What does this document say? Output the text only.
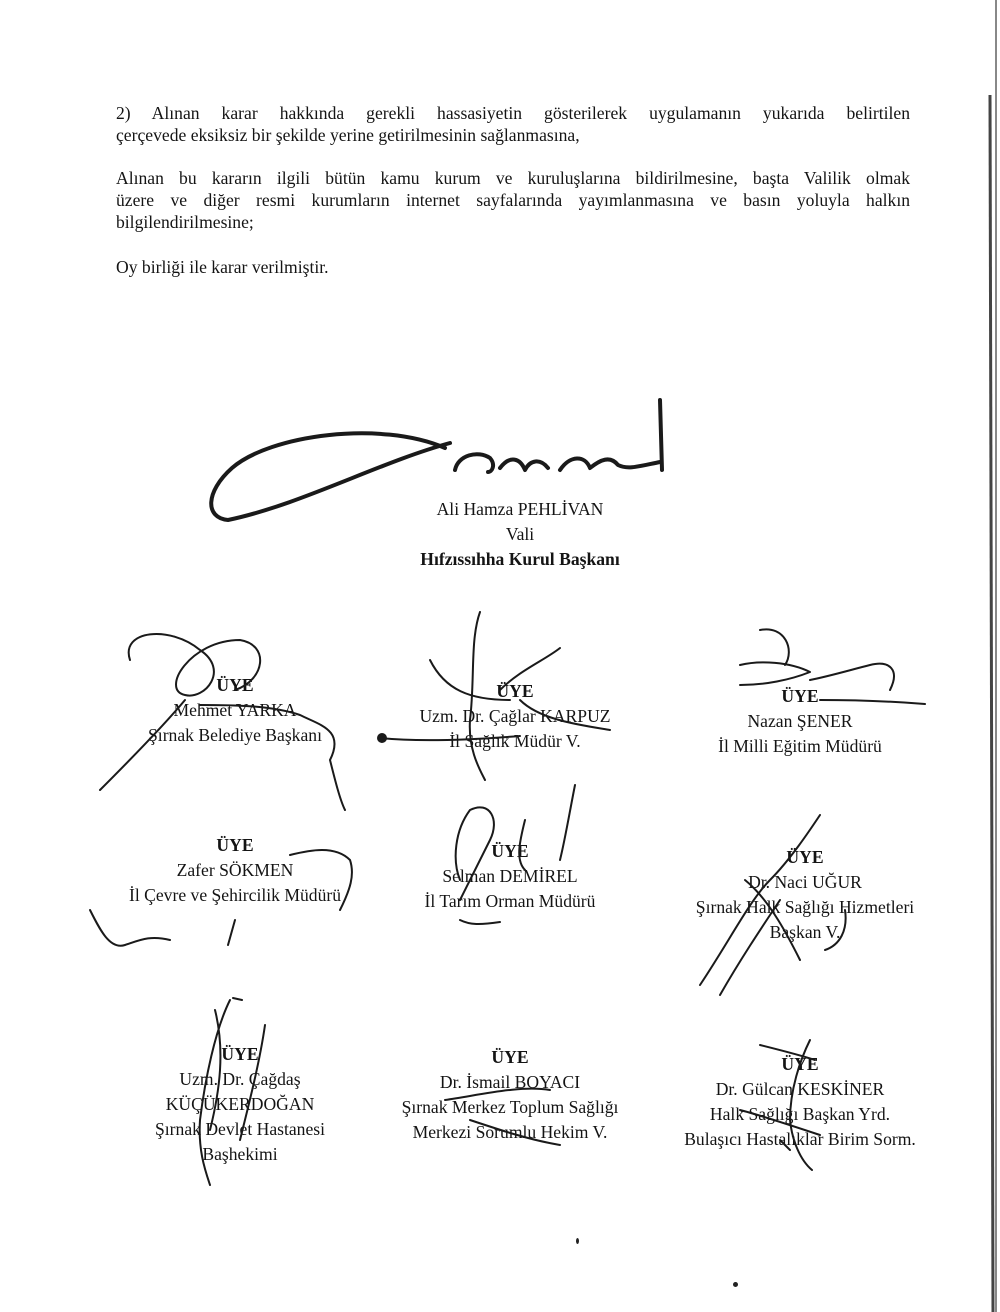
2) Alınan karar hakkında gerekli hassasiyetin gösterilerek uygulamanın yukarıda belirtilen
çerçevede eksiksiz bir şekilde yerine getirilmesinin sağlanmasına,

Alınan bu kararın ilgili bütün kamu kurum ve kuruluşlarına bildirilmesine, başta Valilik olmak
üzere ve diğer resmi kurumların internet sayfalarında yayımlanmasına ve basın yoluyla halkın
bilgilendirilmesine;

Oy birliği ile karar verilmiştir.

Ali Hamza PEHLİVAN
Vali
Hıfzıssıhha Kurul Başkanı
ÜYE
Mehmet YARKA
Şırnak Belediye Başkanı
ÜYE
Uzm. Dr. Çağlar KARPUZ
İl Sağlık Müdür V.
ÜYE
Nazan ŞENER
İl Milli Eğitim Müdürü
ÜYE
Zafer SÖKMEN
İl Çevre ve Şehircilik Müdürü
ÜYE
Selman DEMİREL
İl Tarım Orman Müdürü
ÜYE
Dr. Naci UĞUR
Şırnak Halk Sağlığı Hizmetleri
Başkan V.
ÜYE
Uzm. Dr. Çağdaş
KÜÇÜKERDOĞAN
Şırnak Devlet Hastanesi
Başhekimi
ÜYE
Dr. İsmail BOYACI
Şırnak Merkez Toplum Sağlığı
Merkezi Sorumlu Hekim V.
ÜYE
Dr. Gülcan KESKİNER
Halk Sağlığı Başkan Yrd.
Bulaşıcı Hastalıklar Birim Sorm.
